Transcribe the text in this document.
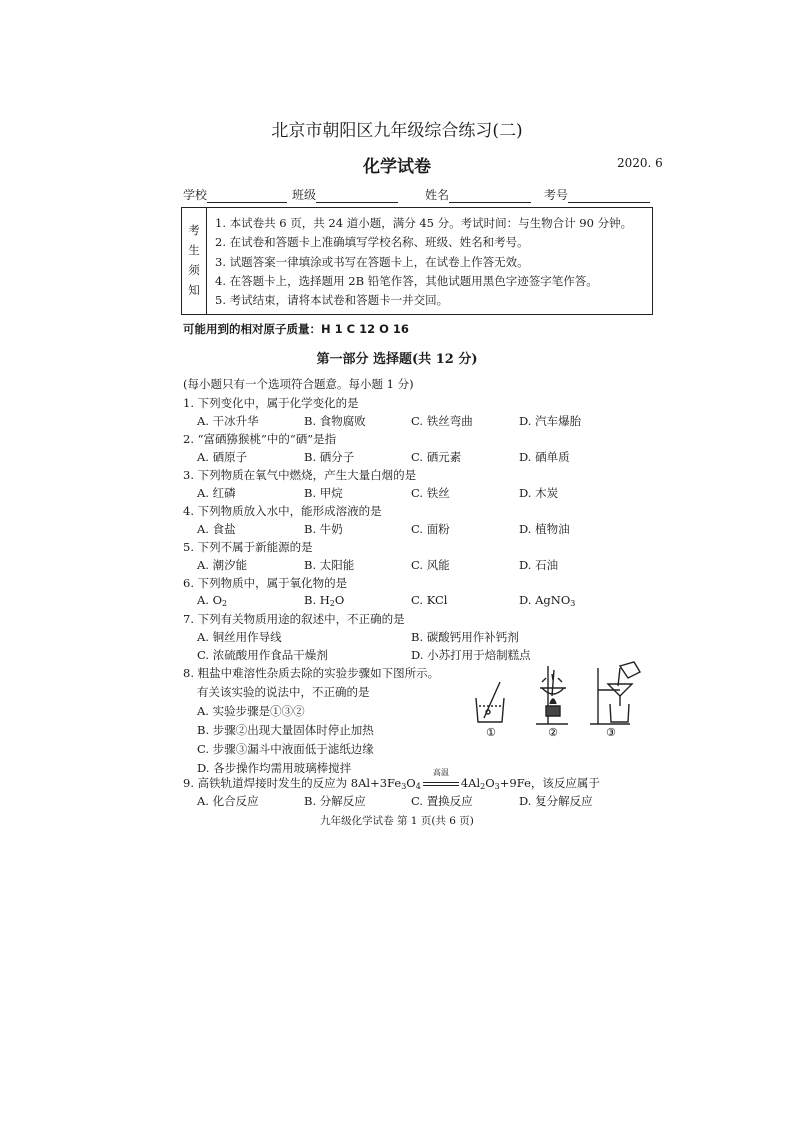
北京市朝阳区九年级综合练习(二)
化学试卷	2020. 6
学校	班级	姓名	考号
考
生
须
知
1. 本试卷共 6 页，共 24 道小题，满分 45 分。考试时间：与生物合计 90 分钟。
2. 在试卷和答题卡上准确填写学校名称、班级、姓名和考号。
3. 试题答案一律填涂或书写在答题卡上，在试卷上作答无效。
4. 在答题卡上，选择题用 2B 铅笔作答，其他试题用黑色字迹签字笔作答。
5. 考试结束，请将本试卷和答题卡一并交回。
可能用到的相对原子质量：H 1 C 12 O 16
第一部分 选择题(共 12 分)
(每小题只有一个选项符合题意。每小题 1 分)
1. 下列变化中，属于化学变化的是
A. 干冰升华	B. 食物腐败	C. 铁丝弯曲	D. 汽车爆胎
2. “富硒猕猴桃”中的“硒”是指
A. 硒原子	B. 硒分子	C. 硒元素	D. 硒单质
3. 下列物质在氧气中燃烧，产生大量白烟的是
A. 红磷	B. 甲烷	C. 铁丝	D. 木炭
4. 下列物质放入水中，能形成溶液的是
A. 食盐	B. 牛奶	C. 面粉	D. 植物油
5. 下列不属于新能源的是
A. 潮汐能	B. 太阳能	C. 风能	D. 石油
6. 下列物质中，属于氧化物的是
A. $O_2$	B. $H_2O$	C. KCl	D. AgNO$_3$
7. 下列有关物质用途的叙述中，不正确的是
A. 铜丝用作导线	B. 碳酸钙用作补钙剂
C. 浓硫酸用作食品干燥剂	D. 小苏打用于焙制糕点
8. 粗盐中难溶性杂质去除的实验步骤如下图所示。
有关该实验的说法中，不正确的是
A. 实验步骤是①③②
B. 步骤②出现大量固体时停止加热
C. 步骤③漏斗中液面低于滤纸边缘
D. 各步操作均需用玻璃棒搅拌
①	②	③
9. 高铁轨道焊接时发生的反应为 $8Al+3Fe_3O_4$
高温
$4Al_2O_3+9Fe$，该反应属于
A. 化合反应	B. 分解反应	C. 置换反应	D. 复分解反应
九年级化学试卷 第 1 页(共 6 页)
